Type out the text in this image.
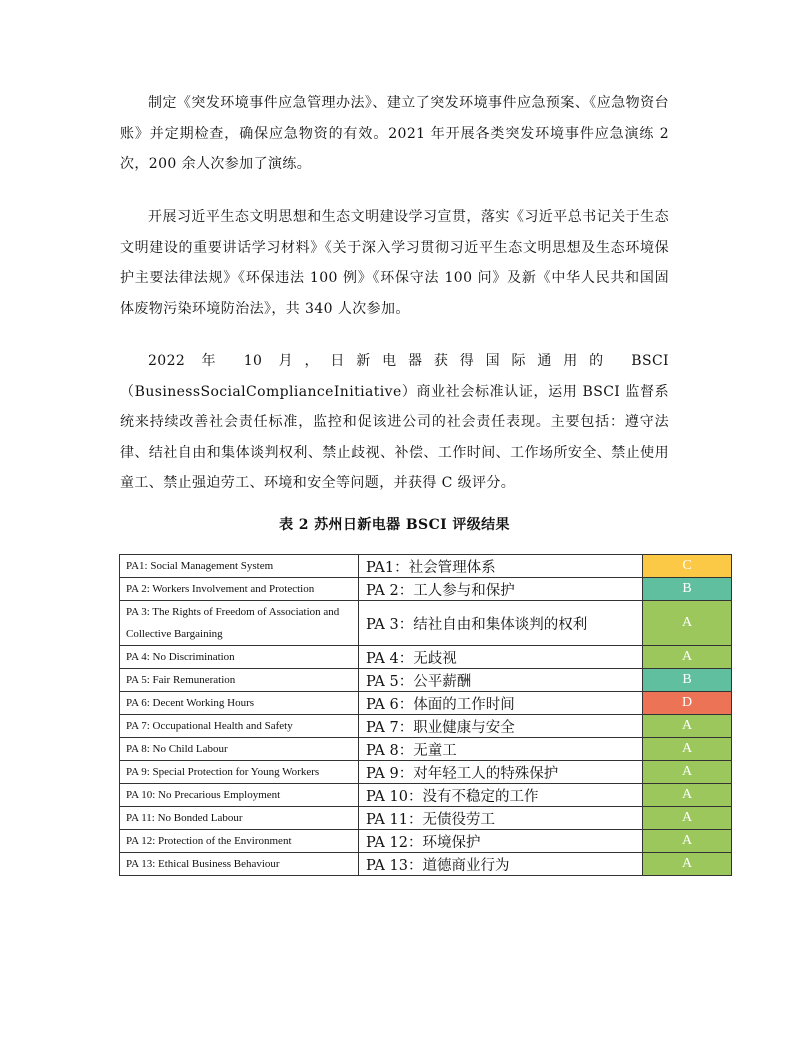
制定《突发环境事件应急管理办法》、建立了突发环境事件应急预案、《应急物资台账》并定期检查，确保应急物资的有效。2021 年开展各类突发环境事件应急演练 2 次，200 余人次参加了演练。

开展习近平生态文明思想和生态文明建设学习宣贯，落实《习近平总书记关于生态文明建设的重要讲话学习材料》《关于深入学习贯彻习近平生态文明思想及生态环境保护主要法律法规》《环保违法 100 例》《环保守法 100 问》及新《中华人民共和国固体废物污染环境防治法》，共 340 人次参加。

2022 年 10 月，日新电器获得国际通用的 BSCI（BusinessSocialComplianceInitiative）商业社会标准认证，运用 BSCI 监督系统来持续改善社会责任标准，监控和促该进公司的社会责任表现。主要包括：遵守法律、结社自由和集体谈判权利、禁止歧视、补偿、工作时间、工作场所安全、禁止使用童工、禁止强迫劳工、环境和安全等问题，并获得 C 级评分。

表 2 苏州日新电器 BSCI 评级结果
PA1: Social Management System	PA1：社会管理体系	C
PA 2: Workers Involvement and Protection	PA 2：工人参与和保护	B
PA 3: The Rights of Freedom of Association and Collective Bargaining	PA 3：结社自由和集体谈判的权利	A
PA 4: No Discrimination	PA 4：无歧视	A
PA 5: Fair Remuneration	PA 5：公平薪酬	B
PA 6: Decent Working Hours	PA 6：体面的工作时间	D
PA 7: Occupational Health and Safety	PA 7：职业健康与安全	A
PA 8: No Child Labour	PA 8：无童工	A
PA 9: Special Protection for Young Workers	PA 9：对年轻工人的特殊保护	A
PA 10: No Precarious Employment	PA 10：没有不稳定的工作	A
PA 11: No Bonded Labour	PA 11：无债役劳工	A
PA 12: Protection of the Environment	PA 12：环境保护	A
PA 13: Ethical Business Behaviour	PA 13：道德商业行为	A
